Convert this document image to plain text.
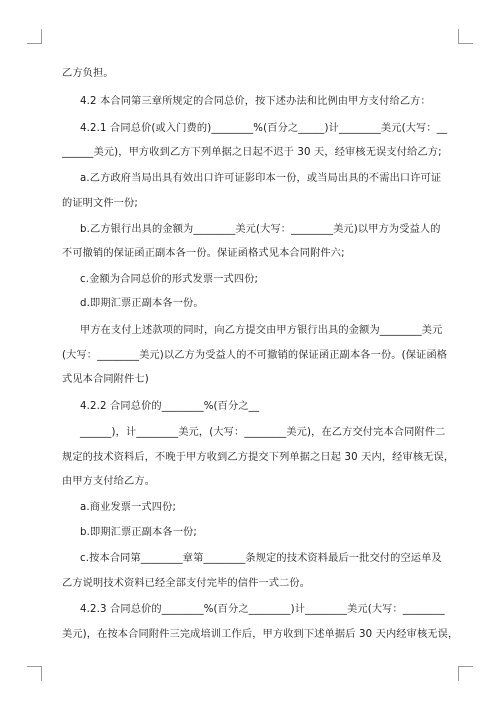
乙方负担。
4.2 本合同第三章所规定的合同总价，按下述办法和比例由甲方支付给乙方：
4.2.1 合同总价(或入门费的)________%(百分之_____)计________美元(大写：__
______美元)，甲方收到乙方下列单据之日起不迟于 30 天，经审核无误支付给乙方;
a.乙方政府当局出具有效出口许可证影印本一份，或当局出具的不需出口许可证
的证明文件一份;
b.乙方银行出具的金额为________美元(大写：________美元)以甲方为受益人的
不可撤销的保证函正副本各一份。保证函格式见本合同附件六;
c.金额为合同总价的形式发票一式四份;
d.即期汇票正副本各一份。
甲方在支付上述款项的同时，向乙方提交由甲方银行出具的金额为________美元
(大写：________美元)以乙方为受益人的不可撤销的保证函正副本各一份。(保证函格
式见本合同附件七)
4.2.2 合同总价的________%(百分之__
______)，计________美元，(大写：________美元)，在乙方交付完本合同附件二
规定的技术资料后，不晚于甲方收到乙方提交下列单据之日起 30 天内，经审核无误，
由甲方支付给乙方。
a.商业发票一式四份;
b.即期汇票正副本各一份;
c.按本合同第________章第________条规定的技术资料最后一批交付的空运单及
乙方说明技术资料已经全部支付完毕的信件一式二份。
4.2.3 合同总价的________%(百分之________)计________美元(大写：________
美元)，在按本合同附件三完成培训工作后，甲方收到下述单据后 30 天内经审核无误，
